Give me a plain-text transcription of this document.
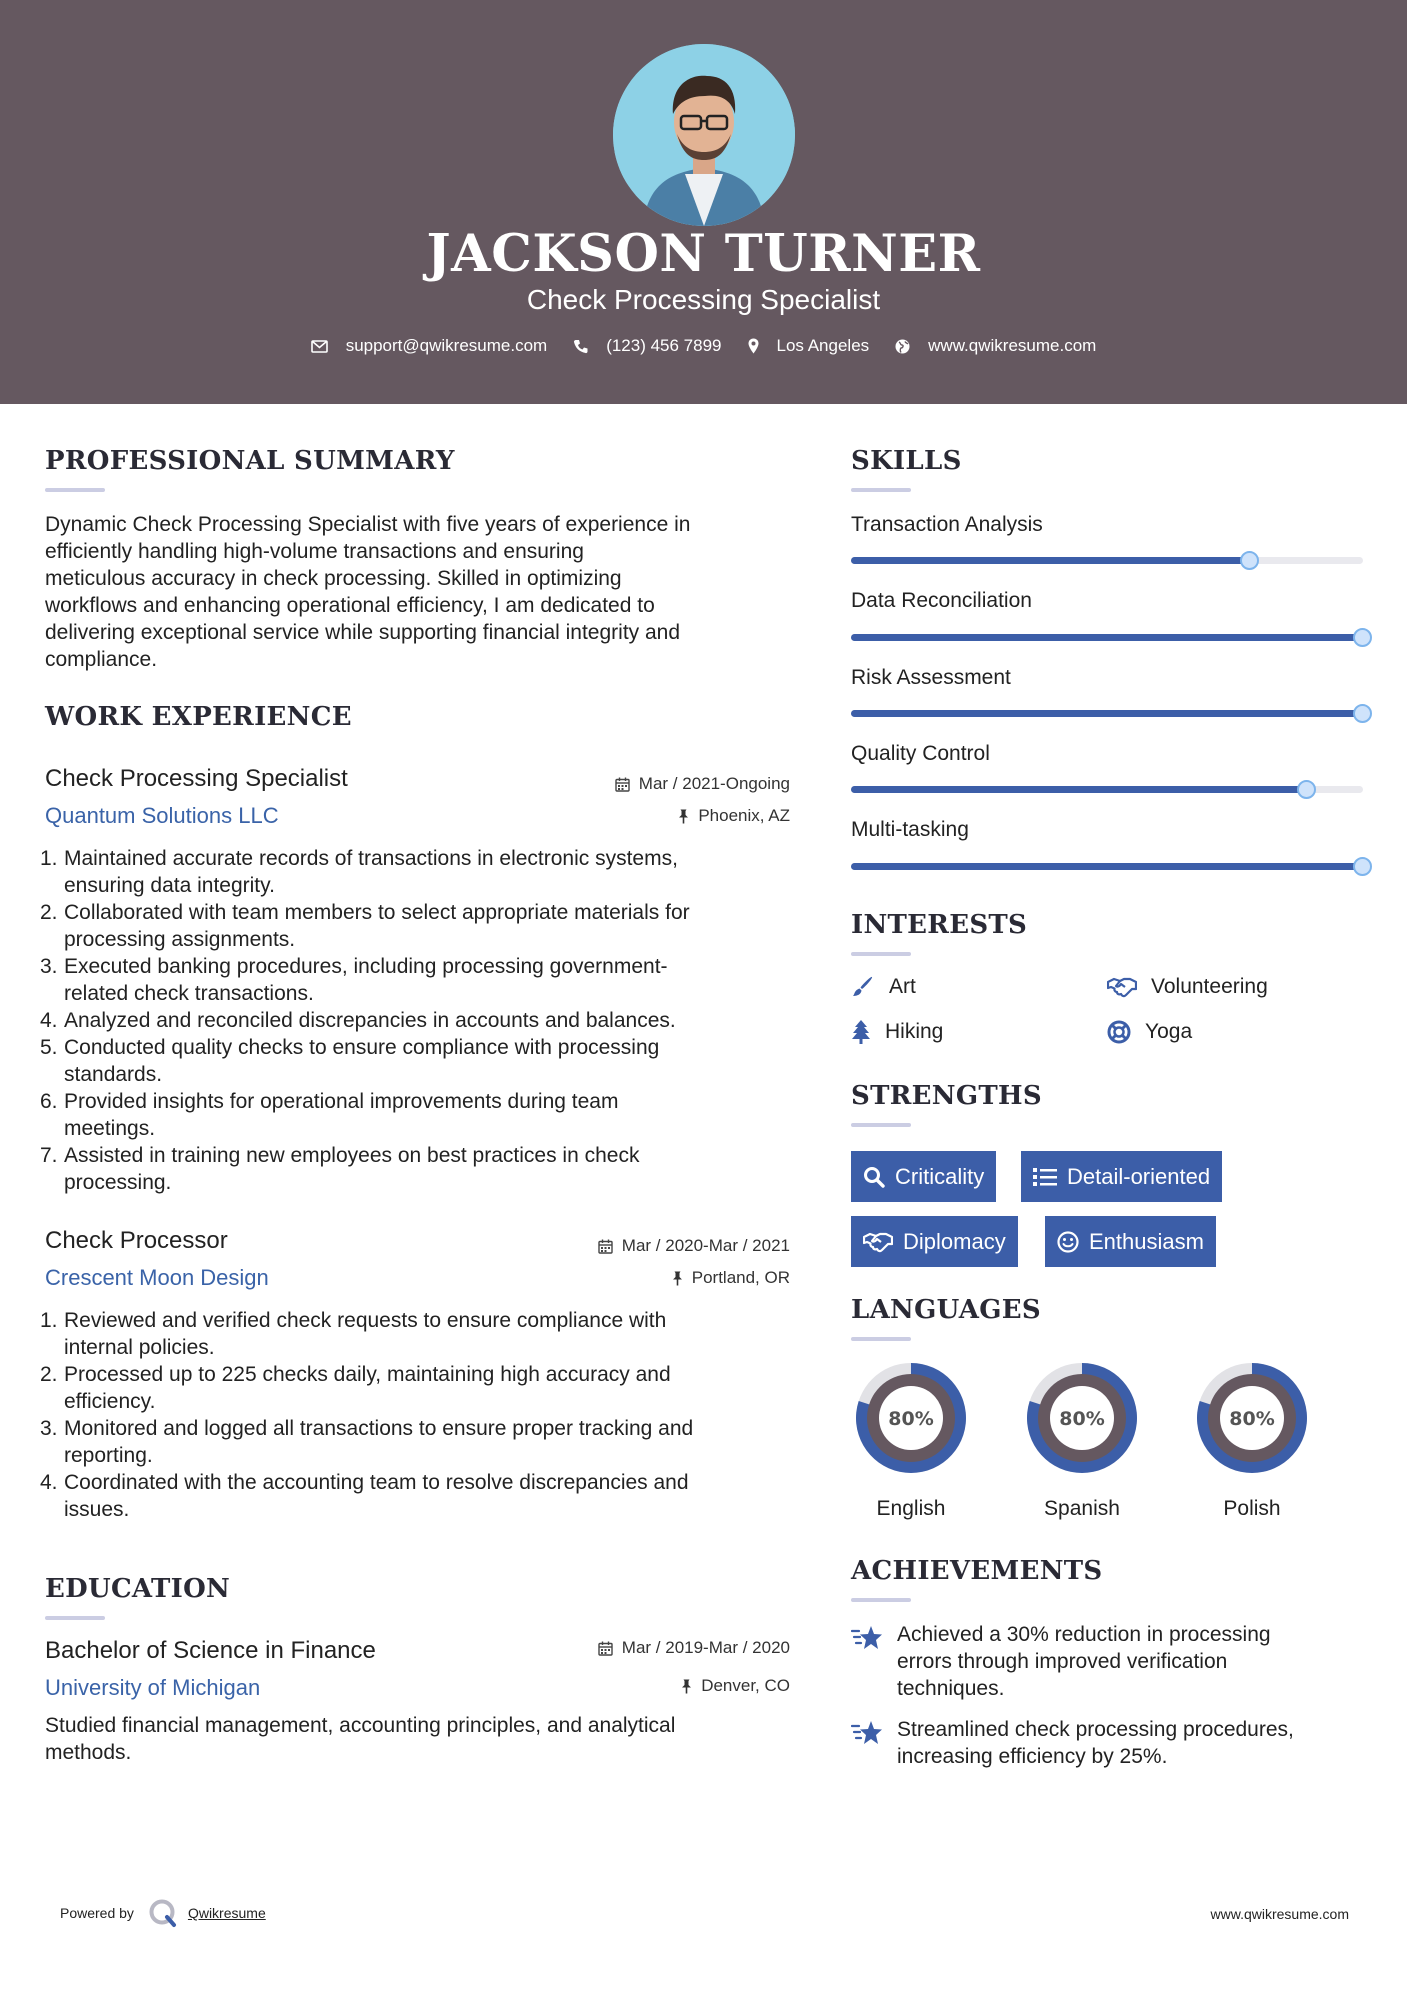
JACKSON TURNER
Check Processing Specialist
support@qwikresume.com	(123) 456 7899	Los Angeles	www.qwikresume.com
PROFESSIONAL SUMMARY
Dynamic Check Processing Specialist with five years of experience in
efficiently handling high-volume transactions and ensuring
meticulous accuracy in check processing. Skilled in optimizing
workflows and enhancing operational efficiency, I am dedicated to
delivering exceptional service while supporting financial integrity and
compliance.
WORK EXPERIENCE
Check Processing Specialist
Quantum Solutions LLC
Mar / 2021-Ongoing
Phoenix, AZ
1. Maintained accurate records of transactions in electronic systems,
ensuring data integrity.
2. Collaborated with team members to select appropriate materials for
processing assignments.
3. Executed banking procedures, including processing government-
related check transactions.
4. Analyzed and reconciled discrepancies in accounts and balances.
5. Conducted quality checks to ensure compliance with processing
standards.
6. Provided insights for operational improvements during team
meetings.
7. Assisted in training new employees on best practices in check
processing.
Check Processor
Crescent Moon Design
Mar / 2020-Mar / 2021
Portland, OR
1. Reviewed and verified check requests to ensure compliance with
internal policies.
2. Processed up to 225 checks daily, maintaining high accuracy and
efficiency.
3. Monitored and logged all transactions to ensure proper tracking and
reporting.
4. Coordinated with the accounting team to resolve discrepancies and
issues.
EDUCATION
Bachelor of Science in Finance
University of Michigan
Mar / 2019-Mar / 2020
Denver, CO
Studied financial management, accounting principles, and analytical
methods.
SKILLS
Transaction Analysis
Data Reconciliation
Risk Assessment
Quality Control
Multi-tasking
INTERESTS
Art	Volunteering
Hiking	Yoga
STRENGTHS
Criticality	Detail-oriented
Diplomacy	Enthusiasm
LANGUAGES
80%
English
80%
Spanish
80%
Polish
ACHIEVEMENTS
Achieved a 30% reduction in processing
errors through improved verification
techniques.
Streamlined check processing procedures,
increasing efficiency by 25%.
Powered by	Qwikresume	www.qwikresume.com
